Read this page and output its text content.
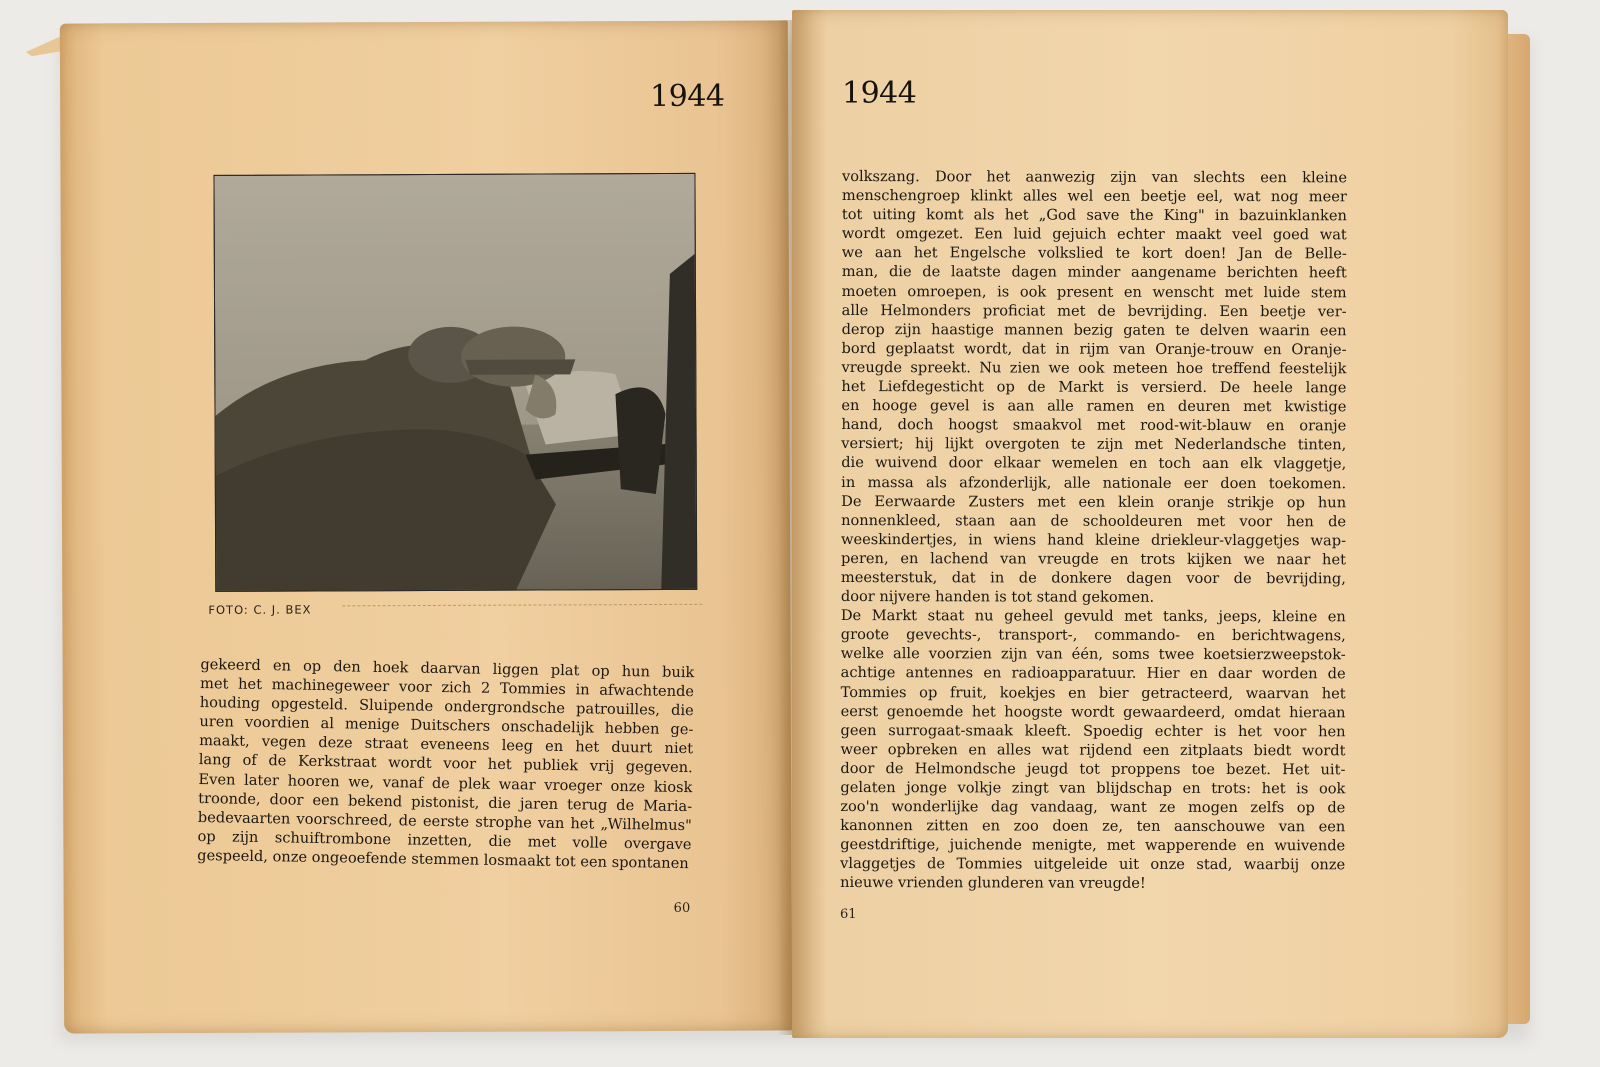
1944
FOTO: C. J. BEX
gekeerd en op den hoek daarvan liggen plat op hun buik
met het machinegeweer voor zich 2 Tommies in afwachtende
houding opgesteld. Sluipende ondergrondsche patrouilles, die
uren voordien al menige Duitschers onschadelijk hebben ge-
maakt, vegen deze straat eveneens leeg en het duurt niet
lang of de Kerkstraat wordt voor het publiek vrij gegeven.
Even later hooren we, vanaf de plek waar vroeger onze kiosk
troonde, door een bekend pistonist, die jaren terug de Maria-
bedevaarten voorschreed, de eerste strophe van het „Wilhelmus"
op zijn schuiftrombone inzetten, die met volle overgave
gespeeld, onze ongeoefende stemmen losmaakt tot een spontanen
60
1944
volkszang. Door het aanwezig zijn van slechts een kleine
menschengroep klinkt alles wel een beetje eel, wat nog meer
tot uiting komt als het „God save the King" in bazuinklanken
wordt omgezet. Een luid gejuich echter maakt veel goed wat
we aan het Engelsche volkslied te kort doen! Jan de Belle-
man, die de laatste dagen minder aangename berichten heeft
moeten omroepen, is ook present en wenscht met luide stem
alle Helmonders proficiat met de bevrijding. Een beetje ver-
derop zijn haastige mannen bezig gaten te delven waarin een
bord geplaatst wordt, dat in rijm van Oranje-trouw en Oranje-
vreugde spreekt. Nu zien we ook meteen hoe treffend feestelijk
het Liefdegesticht op de Markt is versierd. De heele lange
en hooge gevel is aan alle ramen en deuren met kwistige
hand, doch hoogst smaakvol met rood-wit-blauw en oranje
versiert; hij lijkt overgoten te zijn met Nederlandsche tinten,
die wuivend door elkaar wemelen en toch aan elk vlaggetje,
in massa als afzonderlijk, alle nationale eer doen toekomen.
De Eerwaarde Zusters met een klein oranje strikje op hun
nonnenkleed, staan aan de schooldeuren met voor hen de
weeskindertjes, in wiens hand kleine driekleur-vlaggetjes wap-
peren, en lachend van vreugde en trots kijken we naar het
meesterstuk, dat in de donkere dagen voor de bevrijding,
door nijvere handen is tot stand gekomen.
De Markt staat nu geheel gevuld met tanks, jeeps, kleine en
groote gevechts-, transport-, commando- en berichtwagens,
welke alle voorzien zijn van één, soms twee koetsierzweepstok-
achtige antennes en radioapparatuur. Hier en daar worden de
Tommies op fruit, koekjes en bier getracteerd, waarvan het
eerst genoemde het hoogste wordt gewaardeerd, omdat hieraan
geen surrogaat-smaak kleeft. Spoedig echter is het voor hen
weer opbreken en alles wat rijdend een zitplaats biedt wordt
door de Helmondsche jeugd tot proppens toe bezet. Het uit-
gelaten jonge volkje zingt van blijdschap en trots: het is ook
zoo'n wonderlijke dag vandaag, want ze mogen zelfs op de
kanonnen zitten en zoo doen ze, ten aanschouwe van een
geestdriftige, juichende menigte, met wapperende en wuivende
vlaggetjes de Tommies uitgeleide uit onze stad, waarbij onze
nieuwe vrienden glunderen van vreugde!
61
